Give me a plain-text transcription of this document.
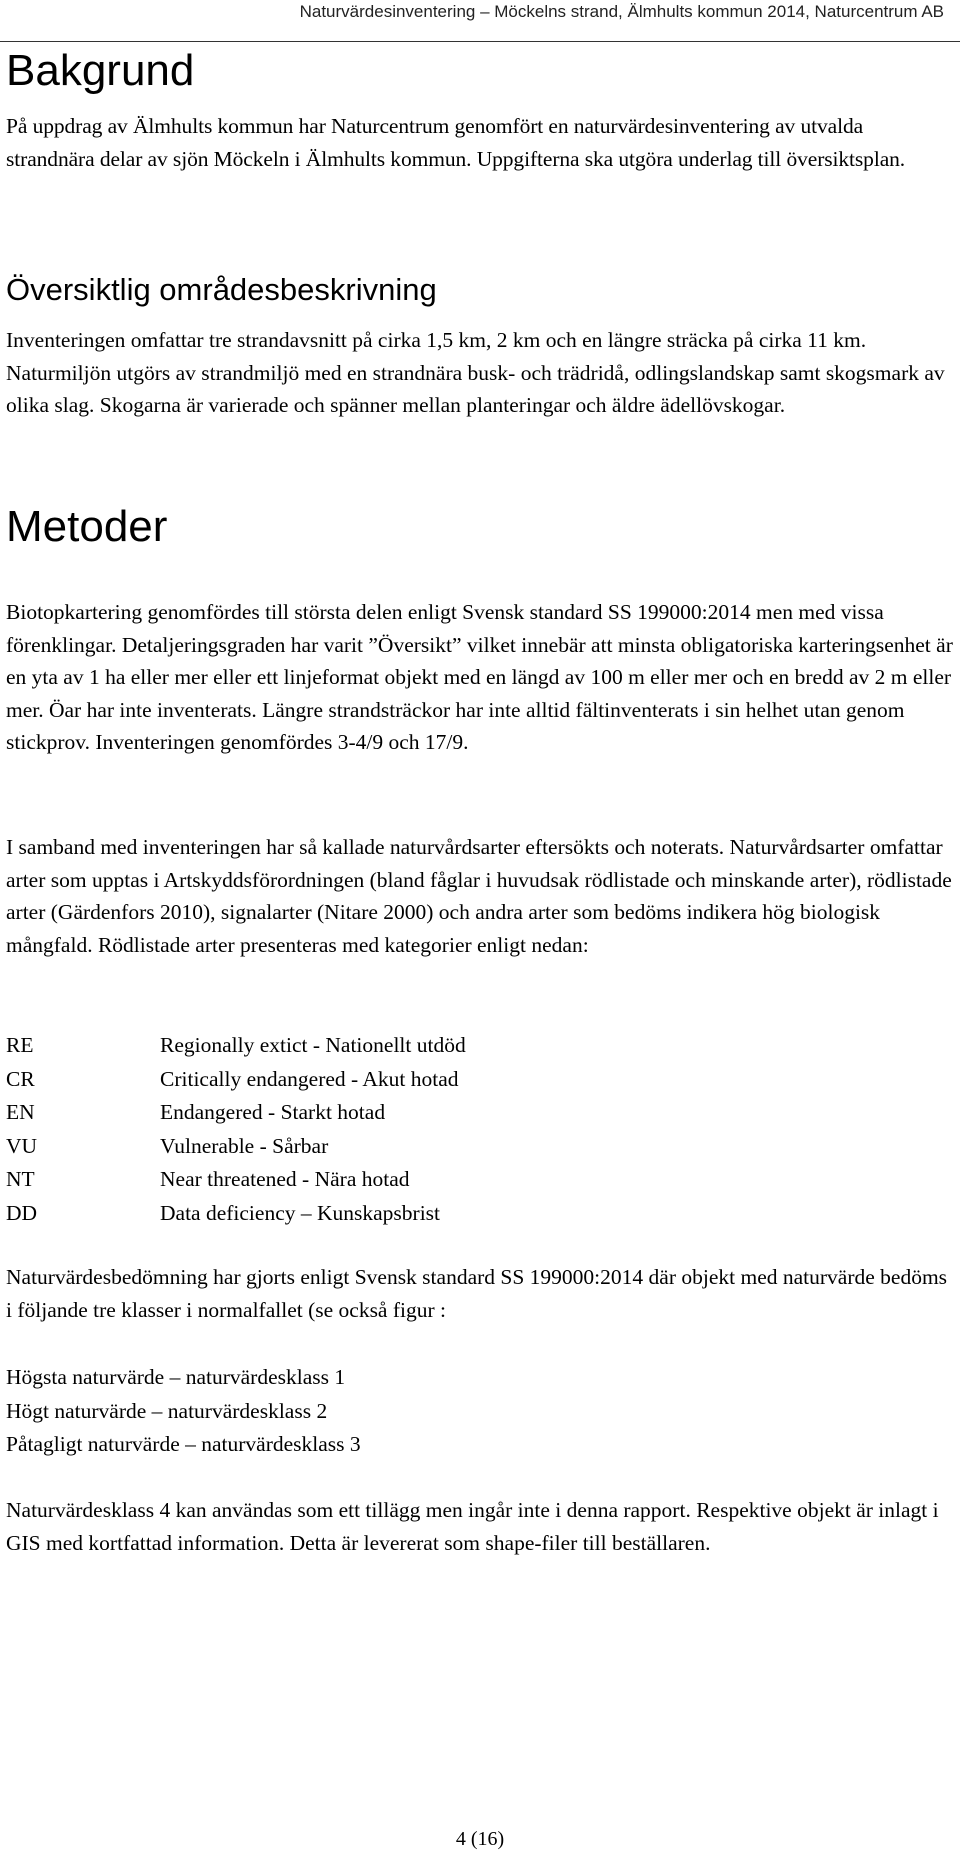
Naturvärdesinventering – Möckelns strand, Älmhults kommun 2014, Naturcentrum AB
Bakgrund

På uppdrag av Älmhults kommun har Naturcentrum genomfört en naturvärdesinventering av utvalda strandnära delar av sjön Möckeln i Älmhults kommun. Uppgifterna ska utgöra underlag till översiktsplan.

Översiktlig områdesbeskrivning

Inventeringen omfattar tre strandavsnitt på cirka 1,5 km, 2 km och en längre sträcka på cirka 11 km. Naturmiljön utgörs av strandmiljö med en strandnära busk- och trädridå, odlingslandskap samt skogsmark av olika slag. Skogarna är varierade och spänner mellan planteringar och äldre ädellövskogar.

Metoder

Biotopkartering genomfördes till största delen enligt Svensk standard SS 199000:2014 men med vissa förenklingar. Detaljeringsgraden har varit ”Översikt” vilket innebär att minsta obligatoriska karteringsenhet är en yta av 1 ha eller mer eller ett linjeformat objekt med en längd av 100 m eller mer och en bredd av 2 m eller mer. Öar har inte inventerats. Längre strandsträckor har inte alltid fältinventerats i sin helhet utan genom stickprov. Inventeringen genomfördes 3-4/9 och 17/9.

I samband med inventeringen har så kallade naturvårdsarter eftersökts och noterats. Naturvårdsarter omfattar arter som upptas i Artskyddsförordningen (bland fåglar i huvudsak rödlistade och minskande arter), rödlistade arter (Gärdenfors 2010), signalarter (Nitare 2000) och andra arter som bedöms indikera hög biologisk mångfald. Rödlistade arter presenteras med kategorier enligt nedan:

RE	Regionally extict - Nationellt utdöd
CR	Critically endangered - Akut hotad
EN	Endangered - Starkt hotad
VU	Vulnerable - Sårbar
NT	Near threatened - Nära hotad
DD	Data deficiency – Kunskapsbrist

Naturvärdesbedömning har gjorts enligt Svensk standard SS 199000:2014 där objekt med naturvärde bedöms i följande tre klasser i normalfallet (se också figur :

Högsta naturvärde – naturvärdesklass 1
Högt naturvärde – naturvärdesklass 2
Påtagligt naturvärde – naturvärdesklass 3

Naturvärdesklass 4 kan användas som ett tillägg men ingår inte i denna rapport. Respektive objekt är inlagt i GIS med kortfattad information. Detta är levererat som shape-filer till beställaren.

4 (16)
